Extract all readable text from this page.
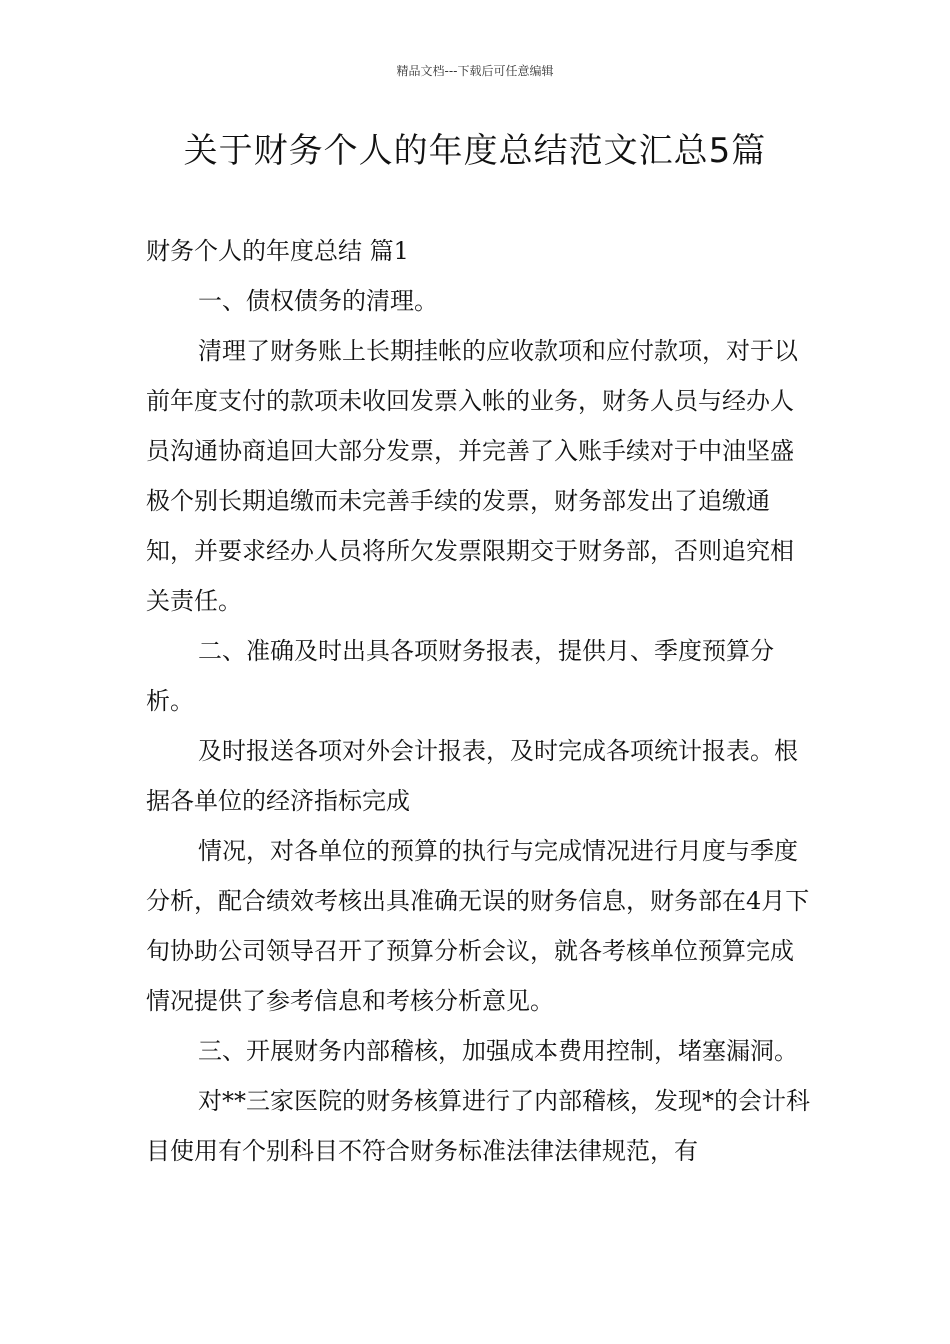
精品文档---下载后可任意编辑
关于财务个人的年度总结范文汇总5篇
财务个人的年度总结 篇1

一、债权债务的清理。

清理了财务账上长期挂帐的应收款项和应付款项，对于以前年度支付的款项未收回发票入帐的业务，财务人员与经办人员沟通协商追回大部分发票，并完善了入账手续对于中油坚盛极个别长期追缴而未完善手续的发票，财务部发出了追缴通知，并要求经办人员将所欠发票限期交于财务部，否则追究相关责任。

二、准确及时出具各项财务报表，提供月、季度预算分析。

及时报送各项对外会计报表，及时完成各项统计报表。根据各单位的经济指标完成

情况，对各单位的预算的执行与完成情况进行月度与季度分析，配合绩效考核出具准确无误的财务信息，财务部在4月下旬协助公司领导召开了预算分析会议，就各考核单位预算完成情况提供了参考信息和考核分析意见。

三、开展财务内部稽核，加强成本费用控制，堵塞漏洞。

对**三家医院的财务核算进行了内部稽核，发现*的会计科目使用有个别科目不符合财务标准法律法律规范，有
